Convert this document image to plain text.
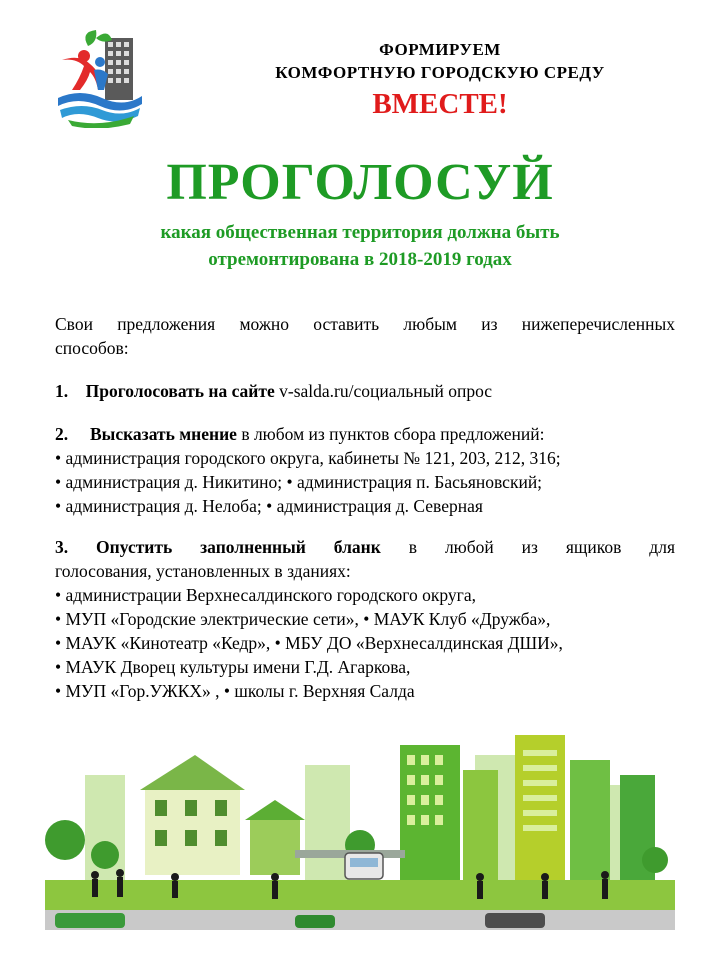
ФОРМИРУЕМ
КОМФОРТНУЮ ГОРОДСКУЮ СРЕДУ
ВМЕСТЕ!
ПРОГОЛОСУЙ
какая общественная территория должна быть
отремонтирована в 2018-2019 годах

Свои предложения можно оставить любым из нижеперечисленных

способов:

1. Проголосовать на сайте v-salda.ru/социальный опрос

2. Высказать мнение в любом из пунктов сбора предложений:

• администрация городского округа, кабинеты № 121, 203, 212, 316;

• администрация д. Никитино; • администрация п. Басьяновский;

• администрация д. Нелоба; • администрация д. Северная

3. Опустить заполненный бланк в любой из ящиков для

голосования, установленных в зданиях:

• администрации Верхнесалдинского городского округа,

• МУП «Городские электрические сети», • МАУК Клуб «Дружба»,

• МАУК «Кинотеатр «Кедр», • МБУ ДО «Верхнесалдинская ДШИ»,

• МАУК Дворец культуры имени Г.Д. Агаркова,

• МУП «Гор.УЖКХ» , • школы г. Верхняя Салда
